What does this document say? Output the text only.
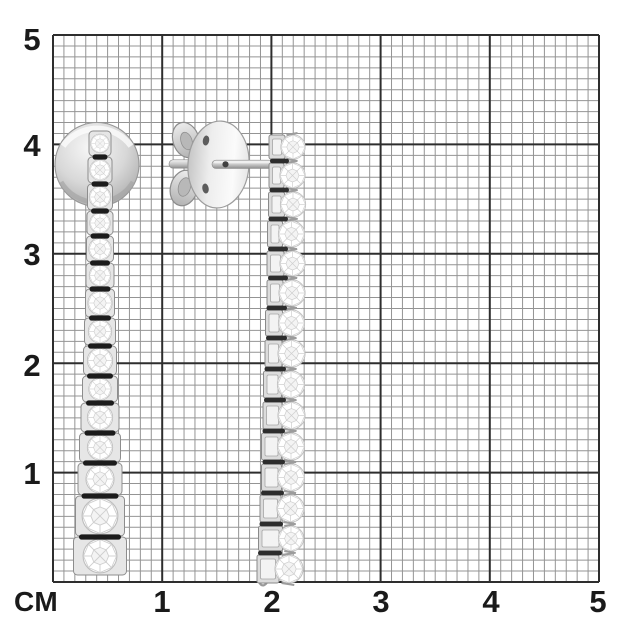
5
4
3
2
1
СМ	1	2	3	4	5
